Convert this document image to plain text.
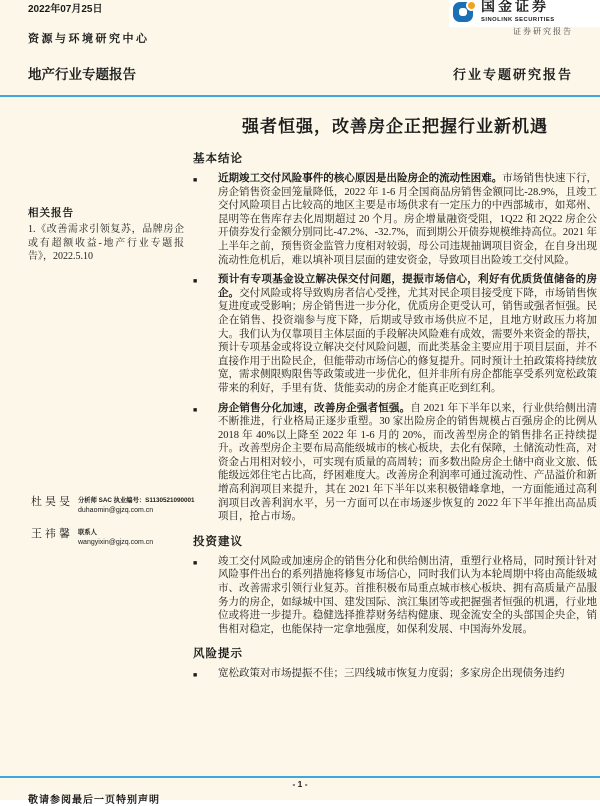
2022年07月25日
资源与环境研究中心
地产行业专题报告	行业专题研究报告
国金证券
SINOLINK SECURITIES
证券研究报告
相关报告

1.《改善需求引领复苏，品牌房企或有超额收益-地产行业专题报告》，2022.5.10

杜昊旻 分析师 SAC 执业编号：S1130521090001
duhaomin@gjzq.com.cn
王祎馨 联系人
wangyixin@gjzq.com.cn
强者恒强，改善房企正把握行业新机遇
基本结论
■	近期竣工交付风险事件的核心原因是出险房企的流动性困难。市场销售快速下行，房企销售资金回笼量降低，2022 年 1-6 月全国商品房销售金额同比-28.9%，且竣工交付风险项目占比较高的地区主要是市场供求有一定压力的中西部城市，如郑州、昆明等在售库存去化周期超过 20 个月。房企增量融资受阻，1Q22 和 2Q22 房企公开债券发行金额分别同比-47.2%、-32.7%，而到期公开债券规模维持高位。2021 年上半年之前，预售资金监管力度相对较弱，母公司违规抽调项目资金，在自身出现流动性危机后，难以填补项目层面的建安资金，导致项目出险竣工交付风险。

■	预计有专项基金设立解决保交付问题，提振市场信心，利好有优质货值储备的房企。交付风险或将导致购房者信心受挫，尤其对民企项目接受度下降，市场销售恢复进度或受影响；房企销售进一步分化，优质房企更受认可，销售或强者恒强。民企在销售、投资端参与度下降，后期或导致市场供应不足，且地方财政压力将加大。我们认为仅靠项目主体层面的手段解决风险难有成效，需要外来资金的帮扶，预计专项基金或将设立解决交付风险问题，而此类基金主要应用于项目层面，并不直接作用于出险民企，但能带动市场信心的修复提升。同时预计土拍政策将持续放宽，需求侧限购限售等政策或进一步优化，但并非所有房企都能享受系列宽松政策带来的利好，手里有货、货能卖动的房企才能真正吃到红利。

■	房企销售分化加速，改善房企强者恒强。自 2021 年下半年以来，行业供给侧出清不断推进，行业格局正逐步重塑。30 家出险房企的销售规模占百强房企的比例从 2018 年 40%以上降至 2022 年 1-6 月的 20%，而改善型房企的销售排名正持续提升。改善型房企主要布局高能级城市的核心板块，去化有保障，土储流动性高，对资金占用相对较小，可实现有质量的高周转；而多数出险房企土储中商业文旅、低能级远郊住宅占比高，纾困难度大。改善房企利润率可通过流动性、产品溢价和新增高利润项目来提升，其在 2021 年下半年以来积极错峰拿地，一方面能通过高利润项目改善利润水平，另一方面可以在市场逐步恢复的 2022 年下半年推出高品质项目，抢占市场。

投资建议
■	竣工交付风险或加速房企的销售分化和供给侧出清，重塑行业格局，同时预计针对风险事件出台的系列措施将修复市场信心，同时我们认为本轮周期中将由高能级城市、改善需求引领行业复苏。首推积极布局重点城市核心板块、拥有高质量产品服务力的房企，如绿城中国、建发国际、滨江集团等或把握强者恒强的机遇，行业地位或将进一步提升。稳健选择推荐财务结构健康、现金流安全的头部国企央企，销售相对稳定，也能保持一定拿地强度，如保利发展、中国海外发展。

风险提示
■	宽松政策对市场提振不佳；三四线城市恢复力度弱；多家房企出现债务违约

- 1 -
敬请参阅最后一页特别声明
